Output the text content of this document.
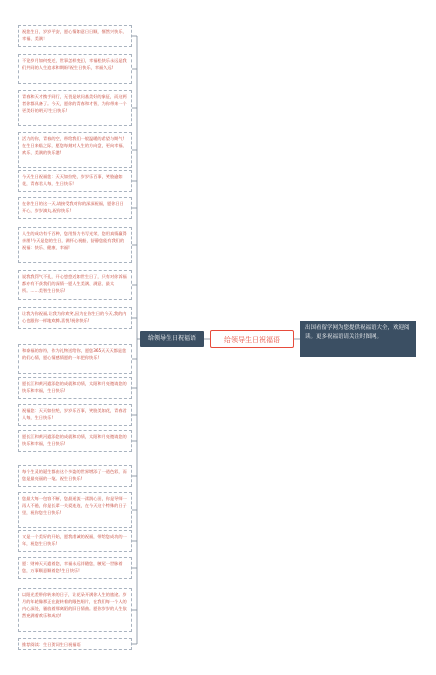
祝您生日，岁岁平安，愿心情如意日日顺，惬然兴快乐、幸福、美满！
不论岁月如何变迁，世事怎样变幻，幸福松快乐永远是我们共同的人生追求和期盼!祝生日快乐，幸福久远!
青春和天才携手同行，无畏是炫问基美好的象征，而这两者你都具备了。今天，愿你的青春和才智，为你带来一个更美好的明天!生日快乐!
活力的你，青春的空，带给我们一般温暖的希望与期气!在生日来临之际，愿您每刻对人生的方向盘，更向幸福、欢乐、美满的快乐港!
今天生日祝福您：天天如拉纶，岁岁乐百事，笑脸逾如花，青春君人每，生日快乐!
在你生日的这一天,请接受我对你的深深祝福，愿你日日开心，岁岁滴丸,祝你快乐!
人生的成功有千百种，您用努力书写光荣，您用真情赢得亲朋!今天是您的生日，满怀心祝船，舒静您能有我们的祝福：快乐、健康、幸福!
说我我罚气不孔，开心悠悠近如世生日了，只有对你诉福都亦有不获我们的深情一愿人生美满、满意、最太所。……美智生日快乐!
让我为你祝福,让我为你欢笑,因为在你生日的今天,我的内心也跟你一样地欢腾,喜悦!祝你快乐!
和泰福的容符，作为礼物送给你，愿您365天天天都是您的们心情，愿心情感情愿的一年把你快乐!
愿长江和黄河遣添您的成就和功绩，太阳和月亮邀请您的快乐和幸福，生日快乐!
祝福您：天天如拉纶，岁岁乐百事，笑脸美如花，青春君人每，生日快乐!
愿长江和黄河遣添您的成就和功绩，太阳和月亮邀请您的快乐和幸福，生日快乐!
每个生灵的诞生都由这个多姿的世界增添了一道色彩，而您是最亮丽的一笔。祝生日快乐!
您最大每一包容不断，您最遥流一漾润心田，你是导师一再人不倦，你是长辈一关爱连连，在今天这个特殊的日子里，祝你您生日快乐!
又是一个美好的开始，愿我虔诚的祝福，带给您成功的一年，祝您生日快乐!
愿：财神天天遣着您，幸福永远伴随您，腋尾一世脉着您，万事顺意顺着您!生日快乐!
以阳光差带你转来的日子，让花朵开满你人生的旅途。岁月的年轮像那正在旋转着的眼色唱片，在我们每一个人的内心深处，骚放着那离陌的旧日情曲。愿你岁岁的人生依然充满着欢乐和成功!
推荐阅读：生日贺词生日祝福语
给领导生日祝福语	给领导生日祝福语
出国看留学网为您提供祝福语大全，欢迎阅读。更多祝福语请关注时图网。
